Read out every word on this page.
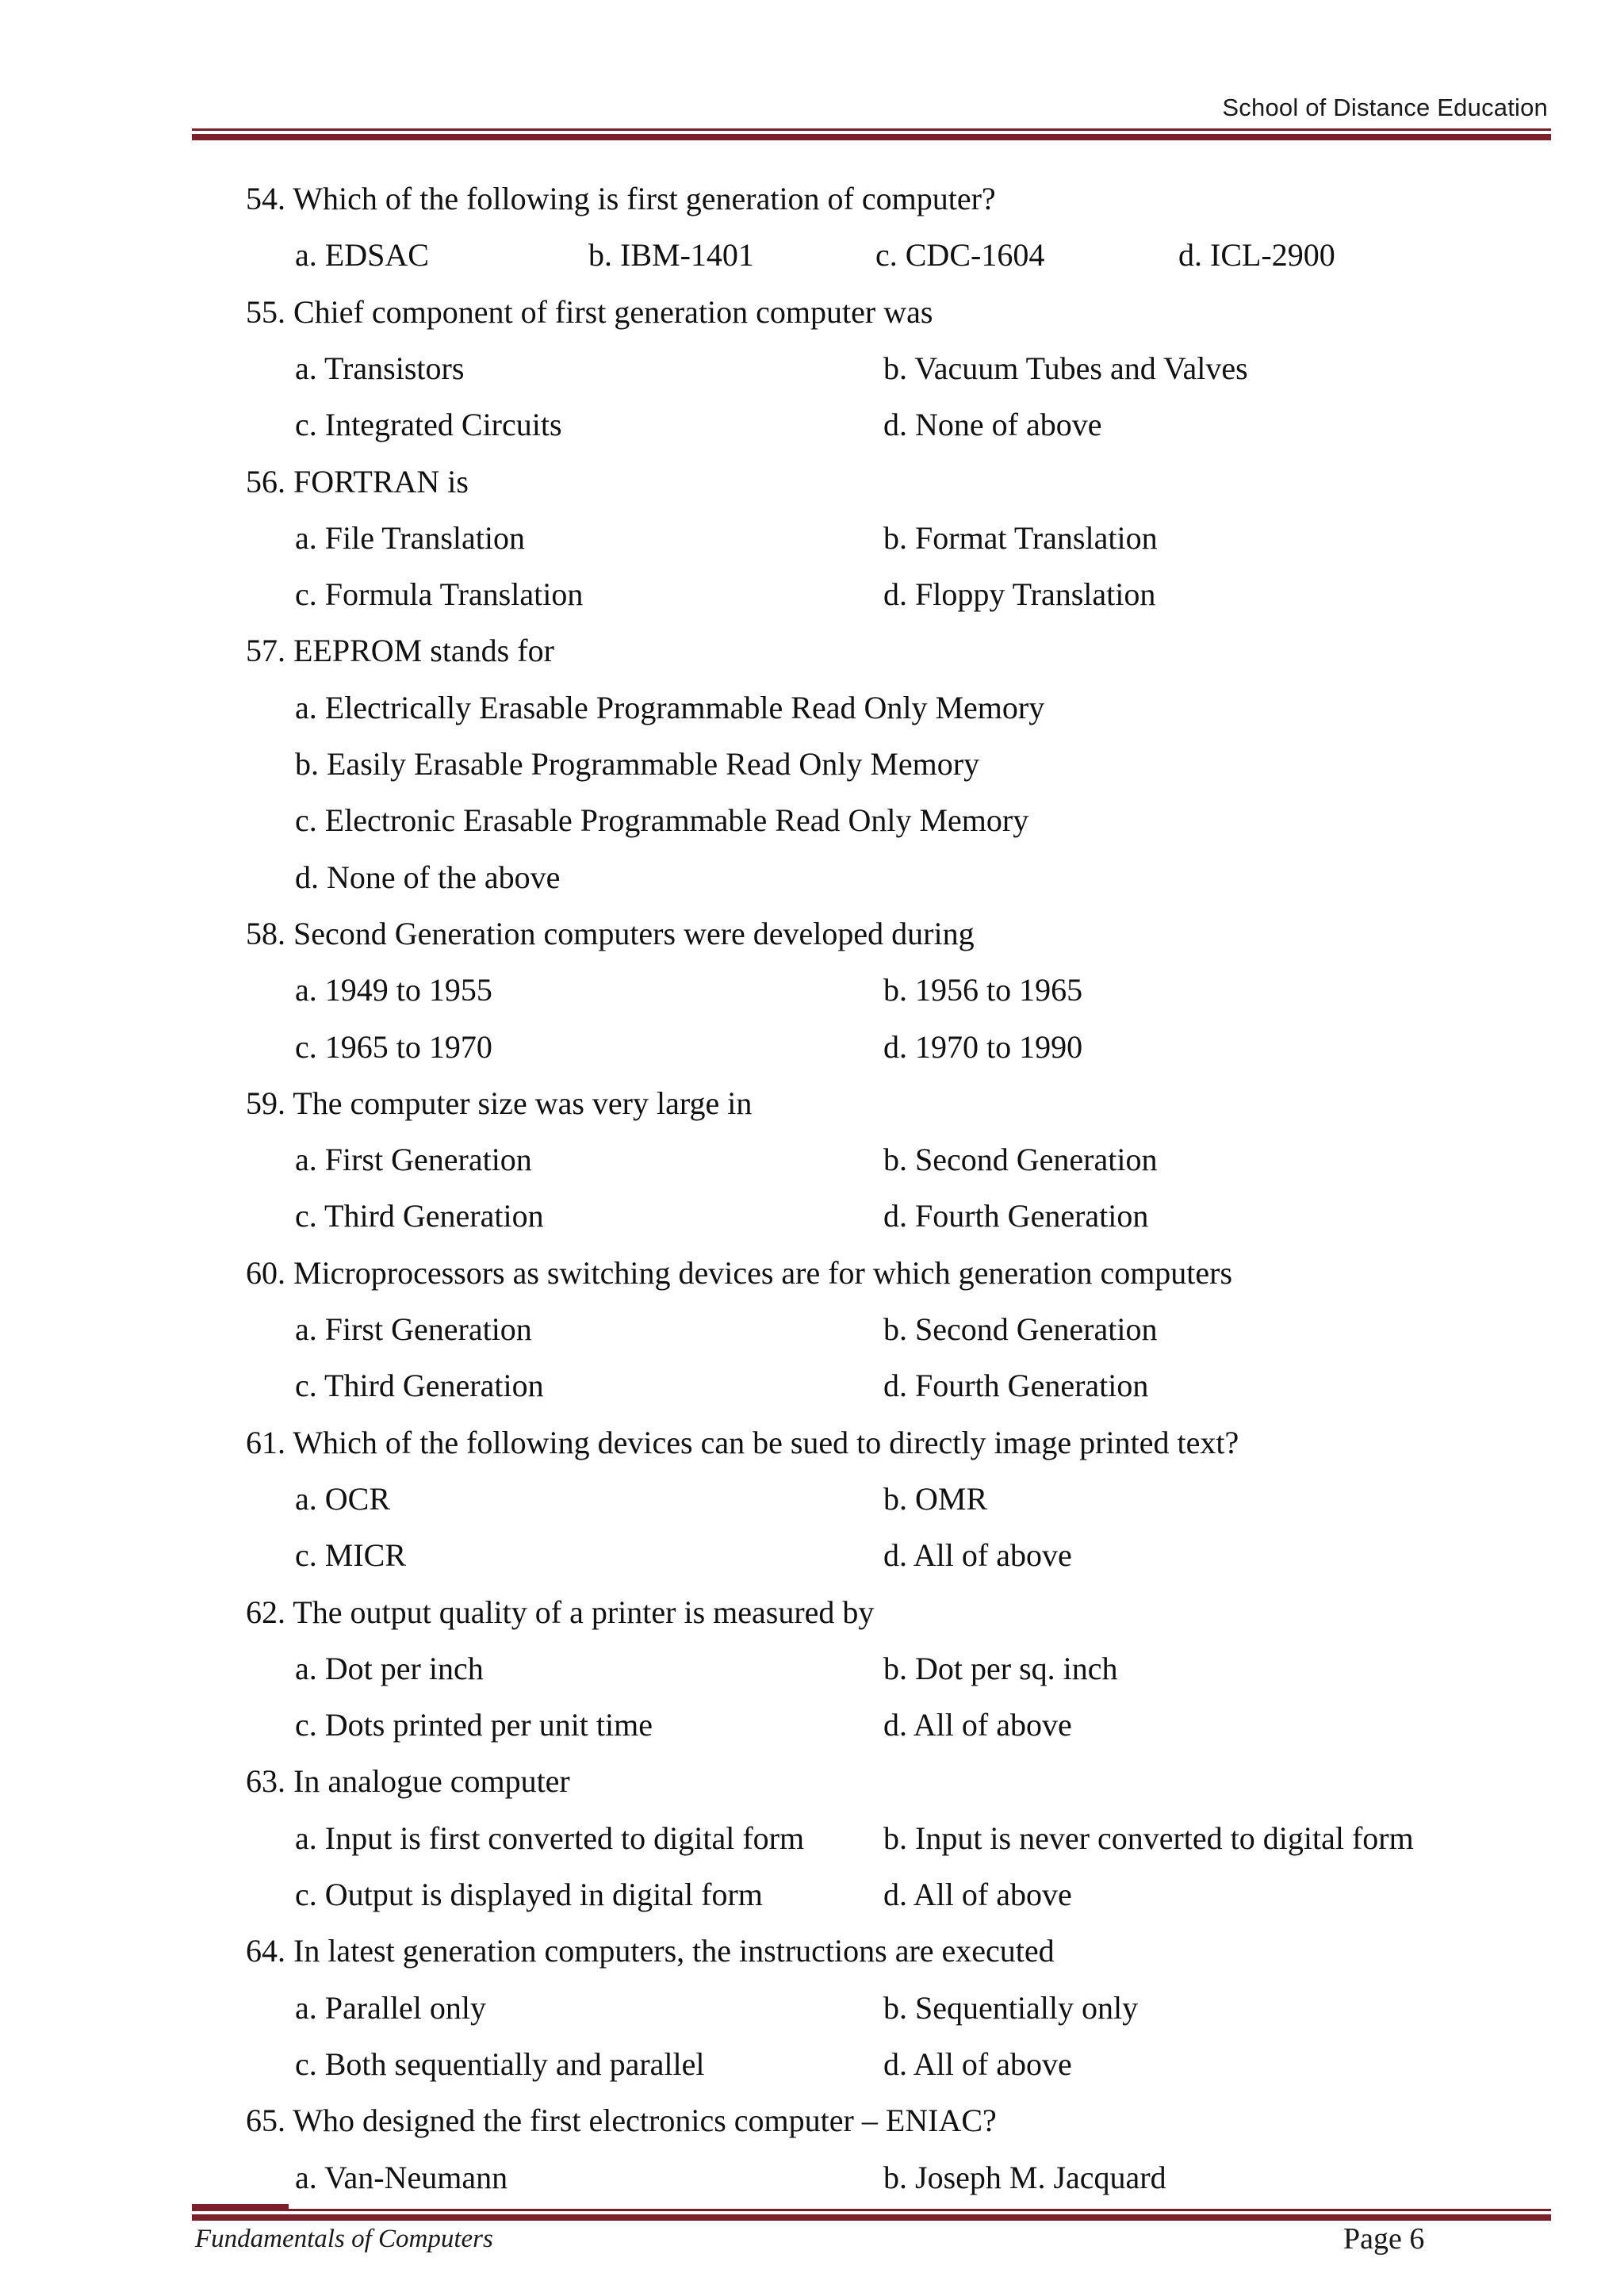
School of Distance Education
54. Which of the following is first generation of computer?
a. EDSAC	b. IBM-1401	c. CDC-1604	d. ICL-2900
55. Chief component of first generation computer was
a. Transistors	b. Vacuum Tubes and Valves
c. Integrated Circuits	d. None of above
56. FORTRAN is
a. File Translation	b. Format Translation
c. Formula Translation	d. Floppy Translation
57. EEPROM stands for
a. Electrically Erasable Programmable Read Only Memory
b. Easily Erasable Programmable Read Only Memory
c. Electronic Erasable Programmable Read Only Memory
d. None of the above
58. Second Generation computers were developed during
a. 1949 to 1955	b. 1956 to 1965
c. 1965 to 1970	d. 1970 to 1990
59. The computer size was very large in
a. First Generation	b. Second Generation
c. Third Generation	d. Fourth Generation
60. Microprocessors as switching devices are for which generation computers
a. First Generation	b. Second Generation
c. Third Generation	d. Fourth Generation
61. Which of the following devices can be sued to directly image printed text?
a. OCR	b. OMR
c. MICR	d. All of above
62. The output quality of a printer is measured by
a. Dot per inch	b. Dot per sq. inch
c. Dots printed per unit time	d. All of above
63. In analogue computer
a. Input is first converted to digital form b. Input is never converted to digital form
c. Output is displayed in digital form	d. All of above
64. In latest generation computers, the instructions are executed
a. Parallel only	b. Sequentially only
c. Both sequentially and parallel	d. All of above
65. Who designed the first electronics computer – ENIAC?
a. Van-Neumann	b. Joseph M. Jacquard
Fundamentals of Computers	Page 6
